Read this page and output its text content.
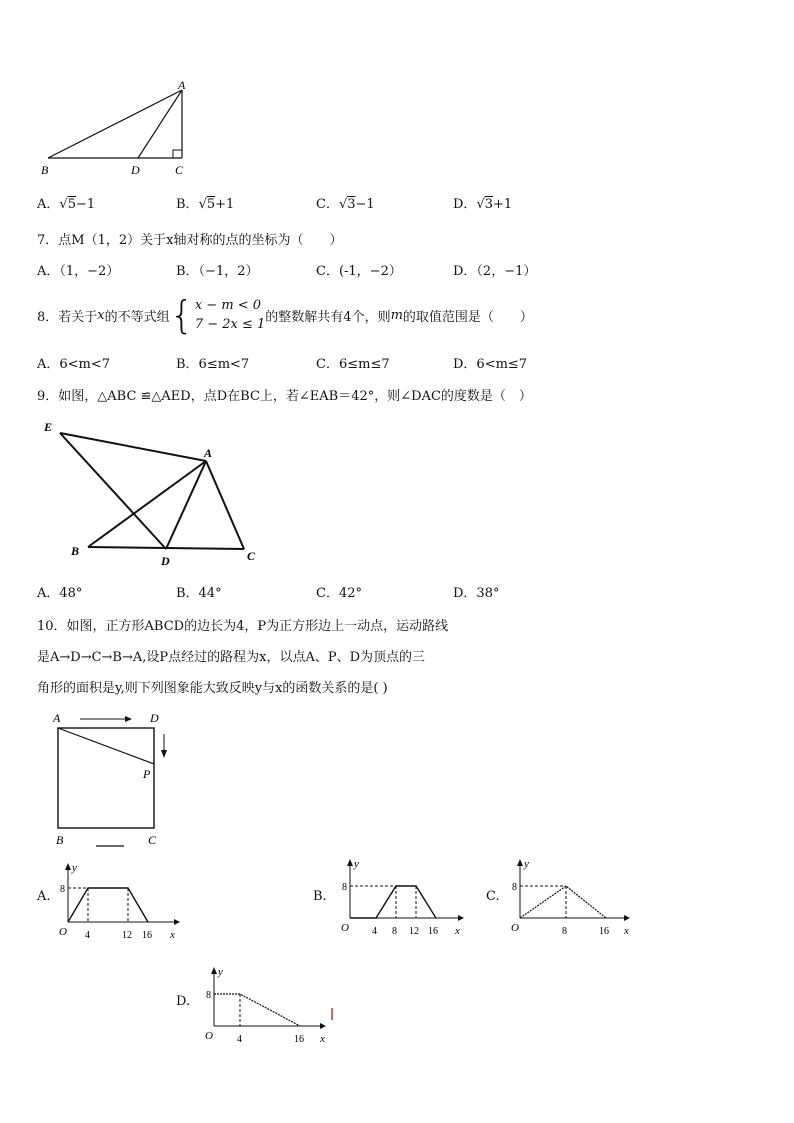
A
B	D	C
A．√5−1	B．√5+1	C．√3−1	D．√3+1
7．点M（1，2）关于x轴对称的点的坐标为（　　）
A．（1，−2）	B．（−1，2）	C．(-1，−2）	D．（2，−1）
8．若关于 x 的不等式组 { x − m < 0
7 − 2x ≤ 1 的整数解共有4个，则 m 的取值范围是（　　）
A．6<m<7	B．6≤m<7	C．6≤m≤7	D．6<m≤7
9．如图，△ABC ≌△AED，点D在BC上，若∠EAB＝42°，则∠DAC的度数是（　）
E
A
B
D	C
A．48°	B．44°	C．42°	D．38°
10．如图，正方形ABCD的边长为4，P为正方形边上一动点，运动路线
是A→D→C→B→A,设P点经过的路程为x，以点A、P、D为顶点的三
角形的面积是y,则下列图象能大致反映y与x的函数关系的是( )
A	D
P
B	C
A.
y
8
O 4	12 16 x
B.
y
8
O 4 8 12 16 x
C.
y
8
O	8	16 x
D.
y
8
O 4	16 x
